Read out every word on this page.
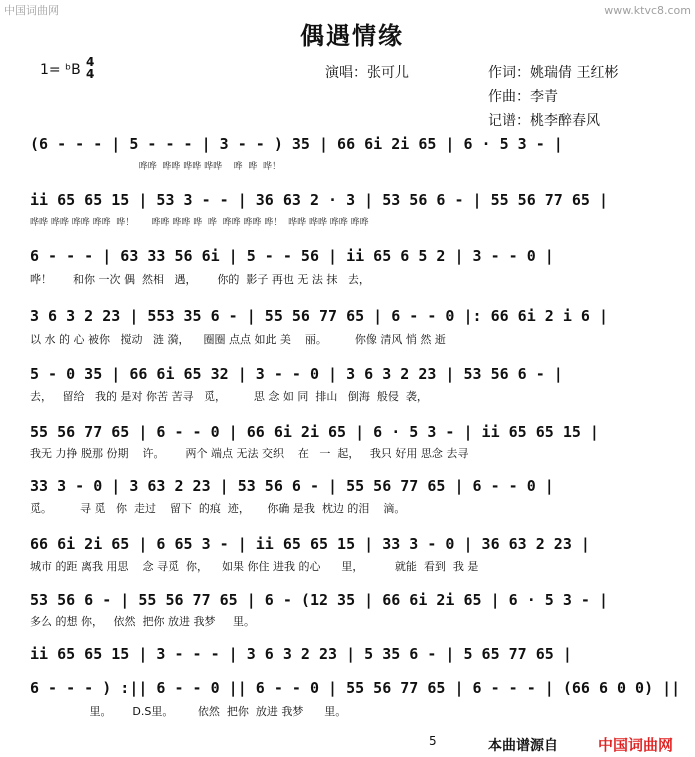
中国词曲网	www.ktvc8.com
偶遇情缘
1= ᵇB 4
4	演唱：张可儿	作词：姚瑞倩 王红彬
作曲：李青
记谱：桃李醉春风
(6 - - - | 5 - - - | 3 - - ) 35 | 66 6i 2i 65 | 6 · 5 3 - |
哗哗  哗哗 哗哗 哗哗    哗  哗  哗！
ii 65 65 15 | 53 3 - - | 36 63 2 · 3 | 53 56 6 - | 55 56 77 65 |
哗哗 哗哗 哗哗 哗哗  哗！      哗哗 哗哗 哗  哗  哗哗 哗哗 哗！  哗哗 哗哗 哗哗 哗哗
6 - - - | 63 33 56 6i | 5 - - 56 | ii 65 6 5 2 | 3 - - 0 |
哗！      和你 一次 偶  然相   遇，      你的  影子 再也 无 法 抹   去，
3 6 3 2 23 | 553 35 6 - | 55 56 77 65 | 6 - - 0 |: 66 6i 2 i 6 |
以 水 的 心 被你   搅动   涟 漪，    圈圈 点点 如此 美    丽。        你像 清风 悄 然 逝
5 - 0 35 | 66 6i 65 32 | 3 - - 0 | 3 6 3 2 23 | 53 56 6 - |
去，   留给   我的 是对 你苦 苦寻   觅，        思 念 如 同  排山   倒海  般侵  袭，
55 56 77 65 | 6 - - 0 | 66 6i 2i 65 | 6 · 5 3 - | ii 65 65 15 |
我无 力挣 脱那 份期    许。      两个 端点 无法 交织    在   一  起，   我只 好用 思念 去寻
33 3 - 0 | 3 63 2 23 | 53 56 6 - | 55 56 77 65 | 6 - - 0 |
觅。        寻 觅   你  走过    留下  的痕  迹，     你确 是我  枕边 的泪    滴。
66 6i 2i 65 | 6 65 3 - | ii 65 65 15 | 33 3 - 0 | 36 63 2 23 |
城市 的距 离我 用思    念 寻觅  你，    如果 你住 进我 的心      里，         就能  看到  我 是
53 56 6 - | 55 56 77 65 | 6 - (12 35 | 66 6i 2i 65 | 6 · 5 3 - |
多么 的想 你，   依然  把你 放进 我梦     里。
ii 65 65 15 | 3 - - - | 3 6 3 2 23 | 5 35 6 - | 5 65 77 65 |
6 - - - ) :|| 6 - - 0 || 6 - - 0 | 55 56 77 65 | 6 - - - | (66 6 0 0) ||
里。      D.S里。       依然  把你  放进 我梦      里。
5	本曲谱源自	中国词曲网
